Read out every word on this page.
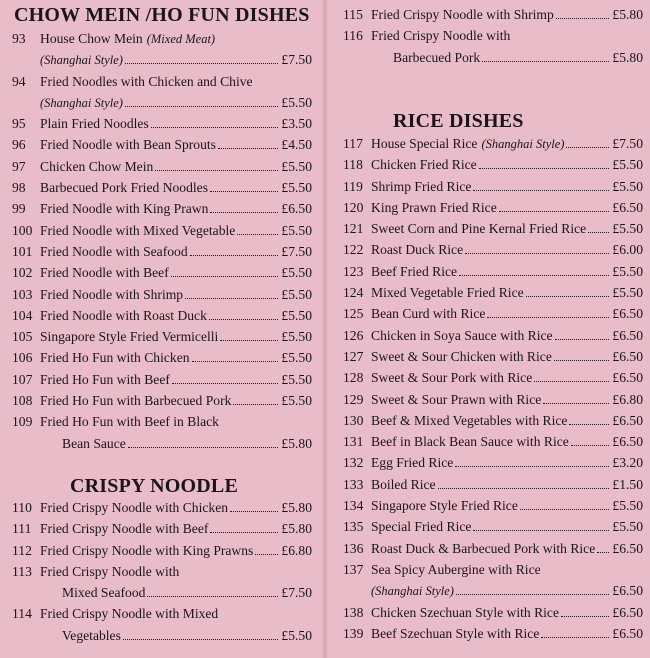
CHOW MEIN /HO FUN DISHES
93	House Chow Mein (Mixed Meat)
(Shanghai Style)	£7.50
94	Fried Noodles with Chicken and Chive
(Shanghai Style)	£5.50
95	Plain Fried Noodles	£3.50
96	Fried Noodle with Bean Sprouts	£4.50
97	Chicken Chow Mein	£5.50
98	Barbecued Pork Fried Noodles	£5.50
99	Fried Noodle with King Prawn	£6.50
100 Fried Noodle with Mixed Vegetable	£5.50
101 Fried Noodle with Seafood	£7.50
102 Fried Noodle with Beef	£5.50
103 Fried Noodle with Shrimp	£5.50
104 Fried Noodle with Roast Duck	£5.50
105 Singapore Style Fried Vermicelli	£5.50
106 Fried Ho Fun with Chicken	£5.50
107 Fried Ho Fun with Beef	£5.50
108 Fried Ho Fun with Barbecued Pork	£5.50
109 Fried Ho Fun with Beef in Black
Bean Sauce	£5.80
CRISPY NOODLE
110 Fried Crispy Noodle with Chicken	£5.80
111 Fried Crispy Noodle with Beef	£5.80
112 Fried Crispy Noodle with King Prawns £6.80
113 Fried Crispy Noodle with
Mixed Seafood	£7.50
114 Fried Crispy Noodle with Mixed
Vegetables	£5.50
115 Fried Crispy Noodle with Shrimp	£5.80
116 Fried Crispy Noodle with
Barbecued Pork	£5.80
RICE DISHES
117 House Special Rice (Shanghai Style)	£7.50
118 Chicken Fried Rice	£5.50
119 Shrimp Fried Rice	£5.50
120 King Prawn Fried Rice	£6.50
121 Sweet Corn and Pine Kernal Fried Rice £5.50
122 Roast Duck Rice	£6.00
123 Beef Fried Rice	£5.50
124 Mixed Vegetable Fried Rice	£5.50
125 Bean Curd with Rice	£6.50
126 Chicken in Soya Sauce with Rice	£6.50
127 Sweet & Sour Chicken with Rice	£6.50
128 Sweet & Sour Pork with Rice	£6.50
129 Sweet & Sour Prawn with Rice	£6.80
130 Beef & Mixed Vegetables with Rice	£6.50
131 Beef in Black Bean Sauce with Rice	£6.50
132 Egg Fried Rice	£3.20
133 Boiled Rice	£1.50
134 Singapore Style Fried Rice	£5.50
135 Special Fried Rice	£5.50
136 Roast Duck & Barbecued Pork with Rice £6.50
137 Sea Spicy Aubergine with Rice
(Shanghai Style)	£6.50
138 Chicken Szechuan Style with Rice	£6.50
139 Beef Szechuan Style with Rice	£6.50
